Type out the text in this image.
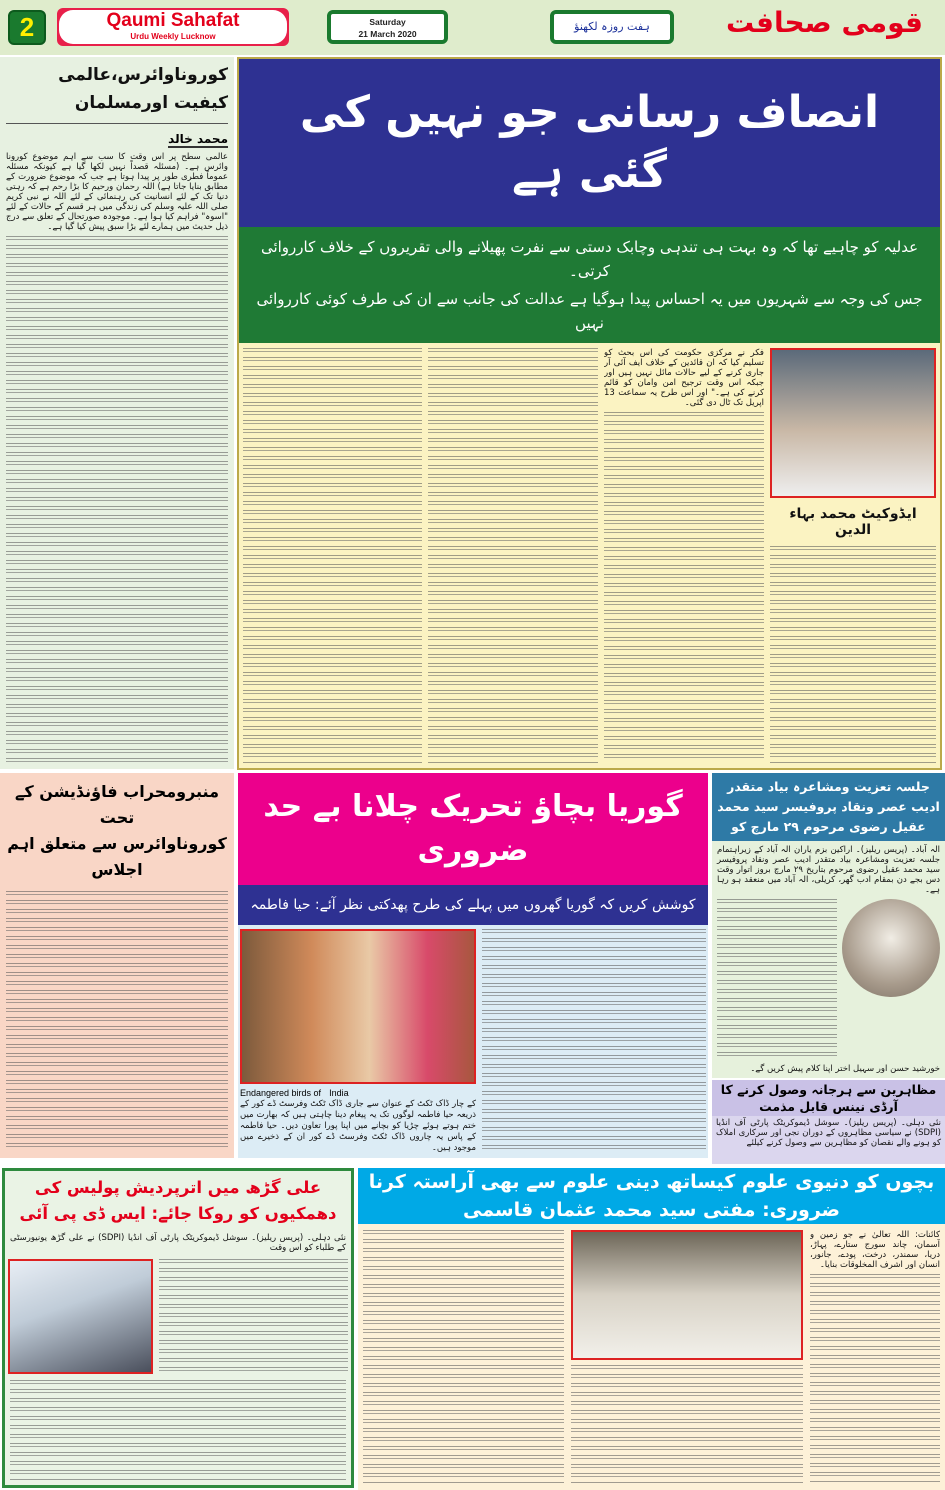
2	Qaumi Sahafat
Urdu Weekly Lucknow
Saturday
21 March 2020
ہفت روزہ لکھنؤ	قومی صحافت
کوروناوائرس،عالمی کیفیت اورمسلمان
محمد خالد
عالمی سطح پر اس وقت کا سب سے اہم موضوع کورونا وائرس ہے۔ (مسئلہ قصداً نہیں لکھا گیا ہے کیونکہ مسئلہ عموماً فطری طور پر پیدا ہوتا ہے جب کہ موضوع ضرورت کے مطابق بنایا جاتا ہے) اللہ رحمان ورحیم کا بڑا رحم ہے کہ رہتی دنیا تک کے لئے انسانیت کی رہنمائی کے لئے اللہ نے نبی کریم صلی اللہ علیہ وسلم کی زندگی میں ہر قسم کے حالات کے لئے "اسوہ" فراہم کیا ہوا ہے۔ موجودہ صورتحال کے تعلق سے درج ذیل حدیث میں ہمارے لئے بڑا سبق پیش کیا گیا ہے۔
انصاف رسانی جو نہیں کی گئی ہے
عدلیہ کو چاہیے تھا کہ وہ بہت ہی تندہی وچابک دستی سے نفرت پھیلانے والی تقریروں کے خلاف کارروائی کرتی۔
جس کی وجہ سے شہریوں میں یہ احساس پیدا ہوگیا ہے عدالت کی جانب سے ان کی طرف کوئی کارروائی نہیں
ایڈوکیٹ محمد بہاء الدین
فکر نے مرکزی حکومت کی اس بحث کو تسلیم کیا کہ ان قائدین کے خلاف ایف آئی آر جاری کرنے کے لیے حالات مائل نہیں ہیں اور جبکہ اس وقت ترجیح امن وامان کو قائم کرنے کی ہے۔" اور اس طرح یہ سماعت 13 اپریل تک ٹال دی گئی۔
منبرومحراب فاؤنڈیشن کے تحت
کوروناوائرس سے متعلق اہم اجلاس
گوریا بچاؤ تحریک چلانا بے حد ضروری
کوشش کریں کہ گوریا گھروں میں پہلے کی طرح پھدکتی نظر آئے: حیا فاطمہ
Endangered birds of India
کے چار ڈاک ٹکٹ کے عنوان سے جاری ڈاک ٹکٹ وفرسٹ ڈے کور کے ذریعہ حیا فاطمہ لوگوں تک یہ پیغام دینا چاہتی ہیں کہ بھارت میں ختم ہوتے ہوئے چڑیا کو بچانے میں اپنا پورا تعاون دیں۔ حیا فاطمہ کے پاس یہ چاروں ڈاک ٹکٹ وفرسٹ ڈے کور ان کے ذخیرے میں موجود ہیں۔
جلسہ تعزیت ومشاعرہ بیاد متقدر ادیب عصر ونقاد پروفیسر سید محمد عقیل رضوی مرحوم ۲۹ مارچ کو
الہ آباد۔ (پریس ریلیز)۔ اراکین بزم یاران الہ آباد کے زیراہتمام جلسہ تعزیت ومشاعرہ بیاد متقدر ادیب عصر ونقاد پروفیسر سید محمد عقیل رضوی مرحوم بتاریخ ۲۹ مارچ بروز اتوار وقت دس بجے دن بمقام ادب گھر، کریلی، الہ آباد میں منعقد ہو رہا ہے۔
خورشید حسن اور سہیل اختر اپنا کلام پیش کریں گے۔
مظاہرین سے ہرجانہ وصول کرنے کا آرڈی نینس قابل مذمت
نئی دہلی۔ (پریس ریلیز)۔ سوشل ڈیموکریٹک پارٹی آف انڈیا (SDPI) نے سیاسی مظاہروں کے دوران نجی اور سرکاری املاک کو ہونے والے نقصان کو مظاہرین سے وصول کرنے کیلئے
علی گڑھ میں اترپردیش پولیس کی دھمکیوں کو روکا جائے: ایس ڈی پی آئی
نئی دہلی۔ (پریس ریلیز)۔ سوشل ڈیموکریٹک پارٹی آف انڈیا (SDPI) نے علی گڑھ یونیورسٹی کے طلباء کو اس وقت
بچوں کو دنیوی علوم کیساتھ دینی علوم سے بھی آراستہ کرنا ضروری: مفتی سید محمد عثمان قاسمی
کائنات: اللہ تعالیٰ نے جو زمین و آسمان، چاند سورج ستارے، پہاڑ، دریا، سمندر، درخت، پودے، جانور، انسان اور اشرف المخلوقات بنایا۔
